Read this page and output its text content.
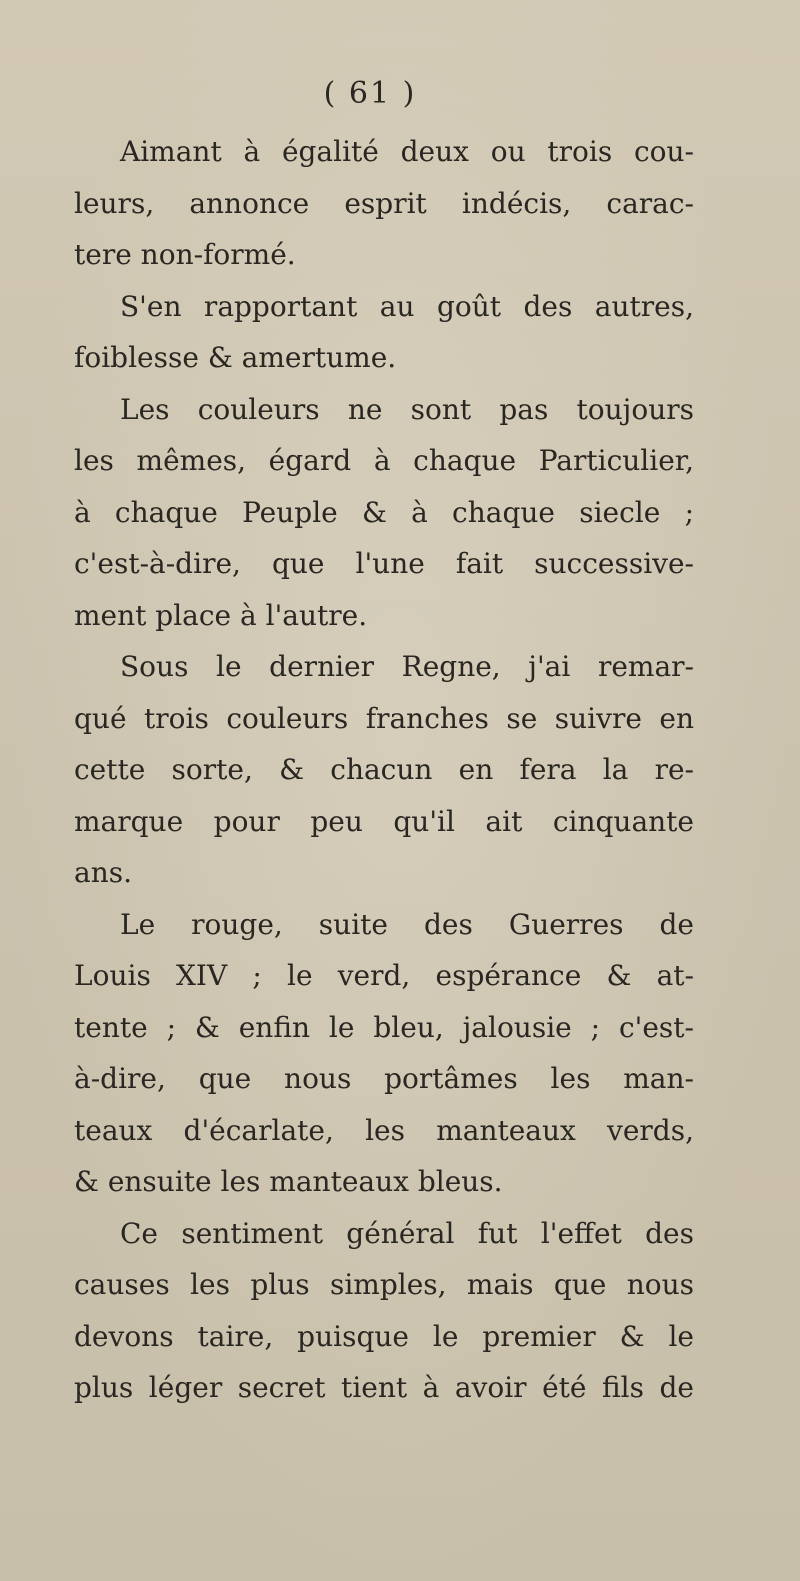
( 61 )
Aimant à égalité deux ou trois cou-
leurs, annonce esprit indécis, carac-
tere non-formé.
S'en rapportant au goût des autres,
foiblesse & amertume.
Les couleurs ne sont pas toujours
les mêmes, égard à chaque Particulier,
à chaque Peuple & à chaque siecle ;
c'est-à-dire, que l'une fait successive-
ment place à l'autre.
Sous le dernier Regne, j'ai remar-
qué trois couleurs franches se suivre en
cette sorte, & chacun en fera la re-
marque pour peu qu'il ait cinquante
ans.
Le rouge, suite des Guerres de
Louis XIV ; le verd, espérance & at-
tente ; & enfin le bleu, jalousie ; c'est-
à-dire, que nous portâmes les man-
teaux d'écarlate, les manteaux verds,
& ensuite les manteaux bleus.
Ce sentiment général fut l'effet des
causes les plus simples, mais que nous
devons taire, puisque le premier & le
plus léger secret tient à avoir été fils de
